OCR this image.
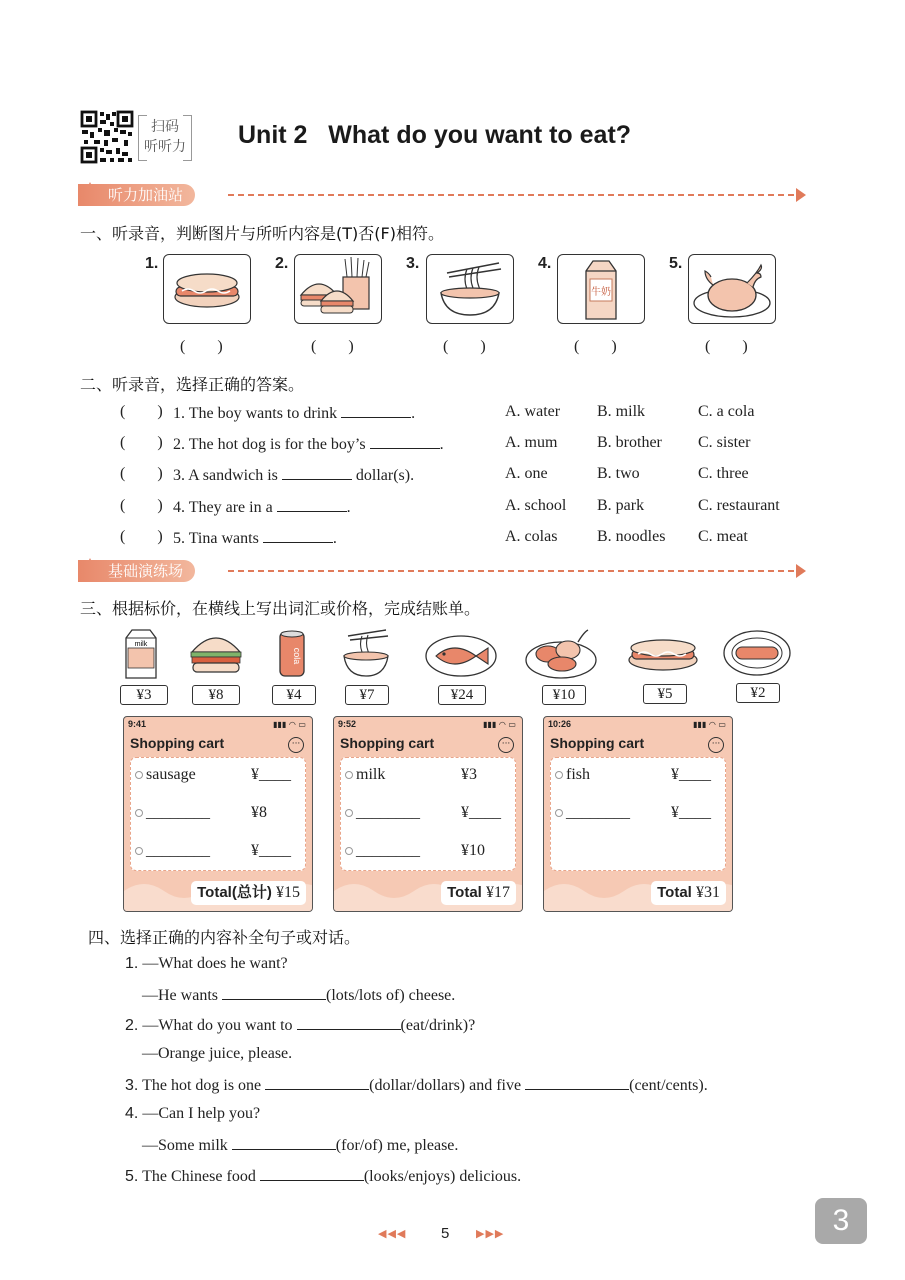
扫码
听听力 Unit 2   What do you want to eat?
听力加油站
一、听录音，判断图片与所听内容是(T)否(F)相符。
1.
(        )
2.
(        )
3.
(        )
4.
牛奶
(        )
5.
(        )
二、听录音，选择正确的答案。
(        ) 1. The boy wants to drink	.	A. water B. milk	C. a cola
(        ) 2. The hot dog is for the boy’s	.	A. mum B. brother C. sister
(        ) 3. A sandwich is	dollar(s).	A. one	B. two	C. three
(        ) 4. They are in a	.	A. school B. park	C. restaurant
(        ) 5. Tina wants	.	A. colas B. noodles C. meat
基础演练场
三、根据标价，在横线上写出词汇或价格，完成结账单。
milk
cola
¥3	¥8	¥4	¥7	¥24	¥10	¥5	¥2
9:41	▮▮▮ ◠ ▭
Shopping cart	···
sausage	¥____
________	¥8
________	¥____
Total(总计) ¥15
9:52	▮▮▮ ◠ ▭
Shopping cart	···
milk	¥3
________	¥____
________	¥10
Total ¥17
10:26	▮▮▮ ◠ ▭
Shopping cart	···
fish	¥____
________	¥____
Total ¥31
四、选择正确的内容补全句子或对话。
1. —What does he want?
—He wants	(lots/lots of) cheese.
2. —What do you want to	(eat/drink)?
—Orange juice, please.
3. The hot dog is one	(dollar/dollars) and five	(cent/cents).
4. —Can I help you?
—Some milk	(for/of) me, please.
5. The Chinese food	(looks/enjoys) delicious.
◀◀◀ 5 ▶▶▶	3
